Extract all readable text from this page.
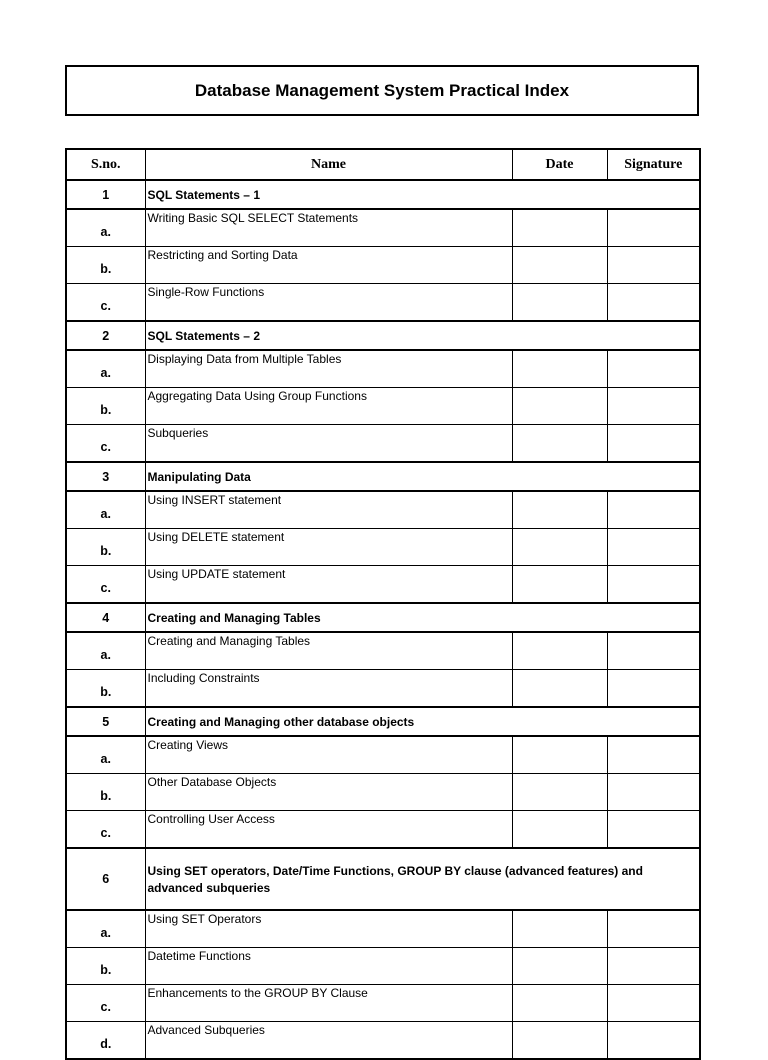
Database Management System Practical Index
S.no.	Name	Date	Signature
1	SQL Statements – 1		
a.	Writing Basic SQL SELECT Statements		
b.	Restricting and Sorting Data		
c.	Single-Row Functions		
2	SQL Statements – 2		
a.	Displaying Data from Multiple Tables		
b.	Aggregating Data Using Group Functions		
c.	Subqueries		
3	Manipulating Data		
a.	Using INSERT statement		
b.	Using DELETE statement		
c.	Using UPDATE statement		
4	Creating and Managing Tables		
a.	Creating and Managing Tables		
b.	Including Constraints		
5	Creating and Managing other database objects		
a.	Creating Views		
b.	Other Database Objects		
c.	Controlling User Access		
6	Using SET operators, Date/Time Functions, GROUP BY clause (advanced features) and advanced subqueries		
a.	Using SET Operators		
b.	Datetime Functions		
c.	Enhancements to the GROUP BY Clause		
d.	Advanced Subqueries		
